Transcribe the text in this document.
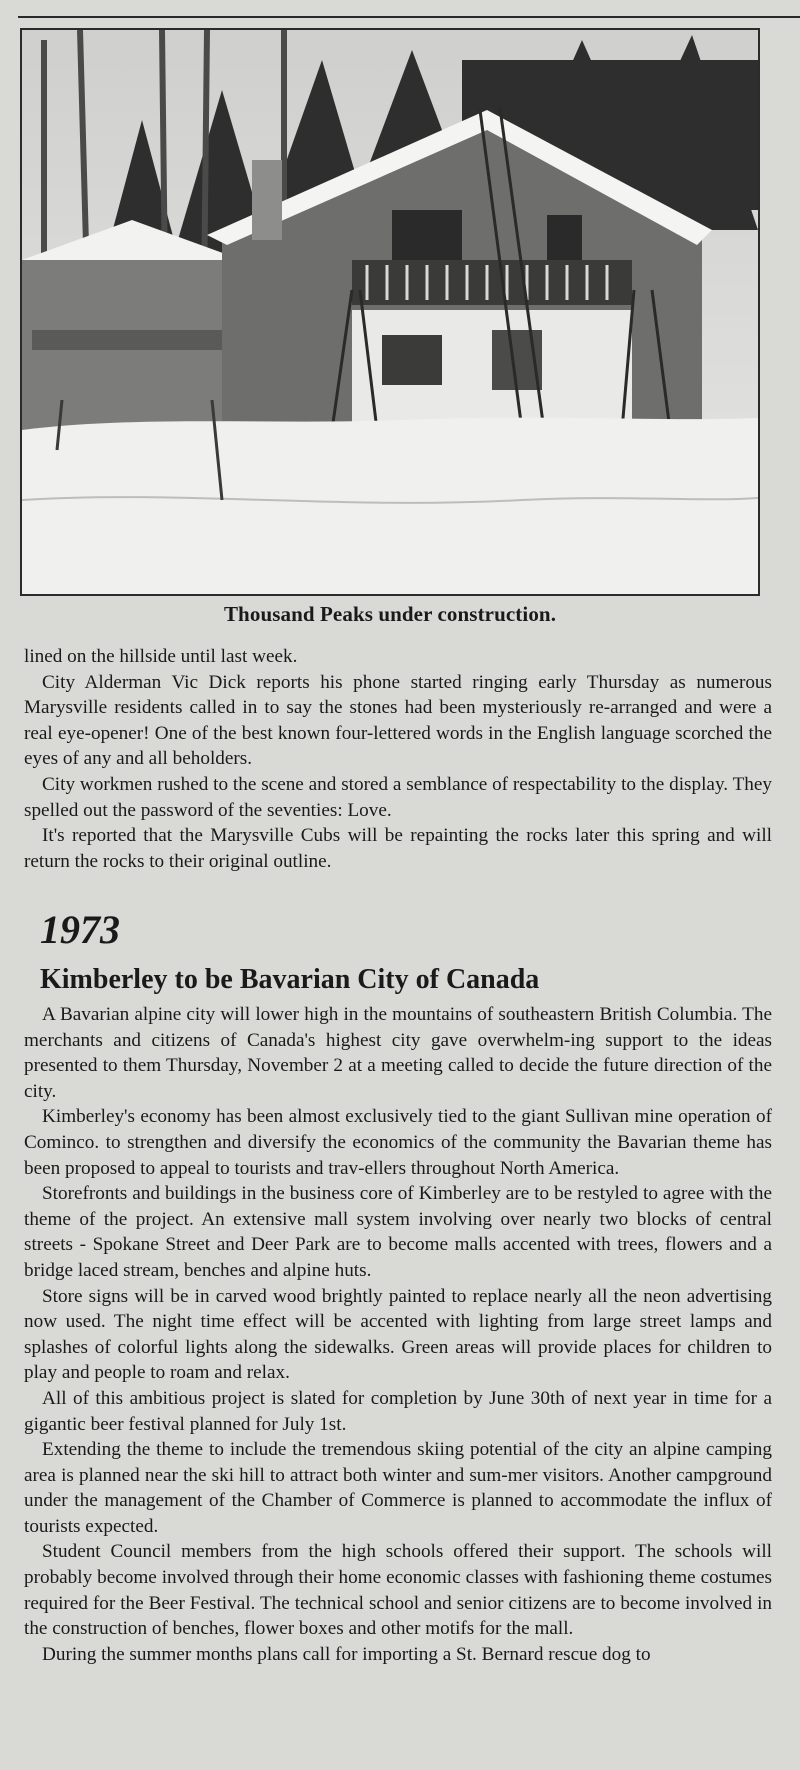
Thousand Peaks under construction.

lined on the hillside until last week.

City Alderman Vic Dick reports his phone started ringing early Thursday as numerous Marysville residents called in to say the stones had been mysteriously re-arranged and were a real eye-opener! One of the best known four-lettered words in the English language scorched the eyes of any and all beholders.

City workmen rushed to the scene and stored a semblance of respectability to the display. They spelled out the password of the seventies: Love.

It's reported that the Marysville Cubs will be repainting the rocks later this spring and will return the rocks to their original outline.

1973
Kimberley to be Bavarian City of Canada

A Bavarian alpine city will lower high in the mountains of southeastern British Columbia. The merchants and citizens of Canada's highest city gave overwhelm-ing support to the ideas presented to them Thursday, November 2 at a meeting called to decide the future direction of the city.

Kimberley's economy has been almost exclusively tied to the giant Sullivan mine operation of Cominco. to strengthen and diversify the economics of the community the Bavarian theme has been proposed to appeal to tourists and trav-ellers throughout North America.

Storefronts and buildings in the business core of Kimberley are to be restyled to agree with the theme of the project. An extensive mall system involving over nearly two blocks of central streets - Spokane Street and Deer Park are to become malls accented with trees, flowers and a bridge laced stream, benches and alpine huts.

Store signs will be in carved wood brightly painted to replace nearly all the neon advertising now used. The night time effect will be accented with lighting from large street lamps and splashes of colorful lights along the sidewalks. Green areas will provide places for children to play and people to roam and relax.

All of this ambitious project is slated for completion by June 30th of next year in time for a gigantic beer festival planned for July 1st.

Extending the theme to include the tremendous skiing potential of the city an alpine camping area is planned near the ski hill to attract both winter and sum-mer visitors. Another campground under the management of the Chamber of Commerce is planned to accommodate the influx of tourists expected.

Student Council members from the high schools offered their support. The schools will probably become involved through their home economic classes with fashioning theme costumes required for the Beer Festival. The technical school and senior citizens are to become involved in the construction of benches, flower boxes and other motifs for the mall.

During the summer months plans call for importing a St. Bernard rescue dog to
